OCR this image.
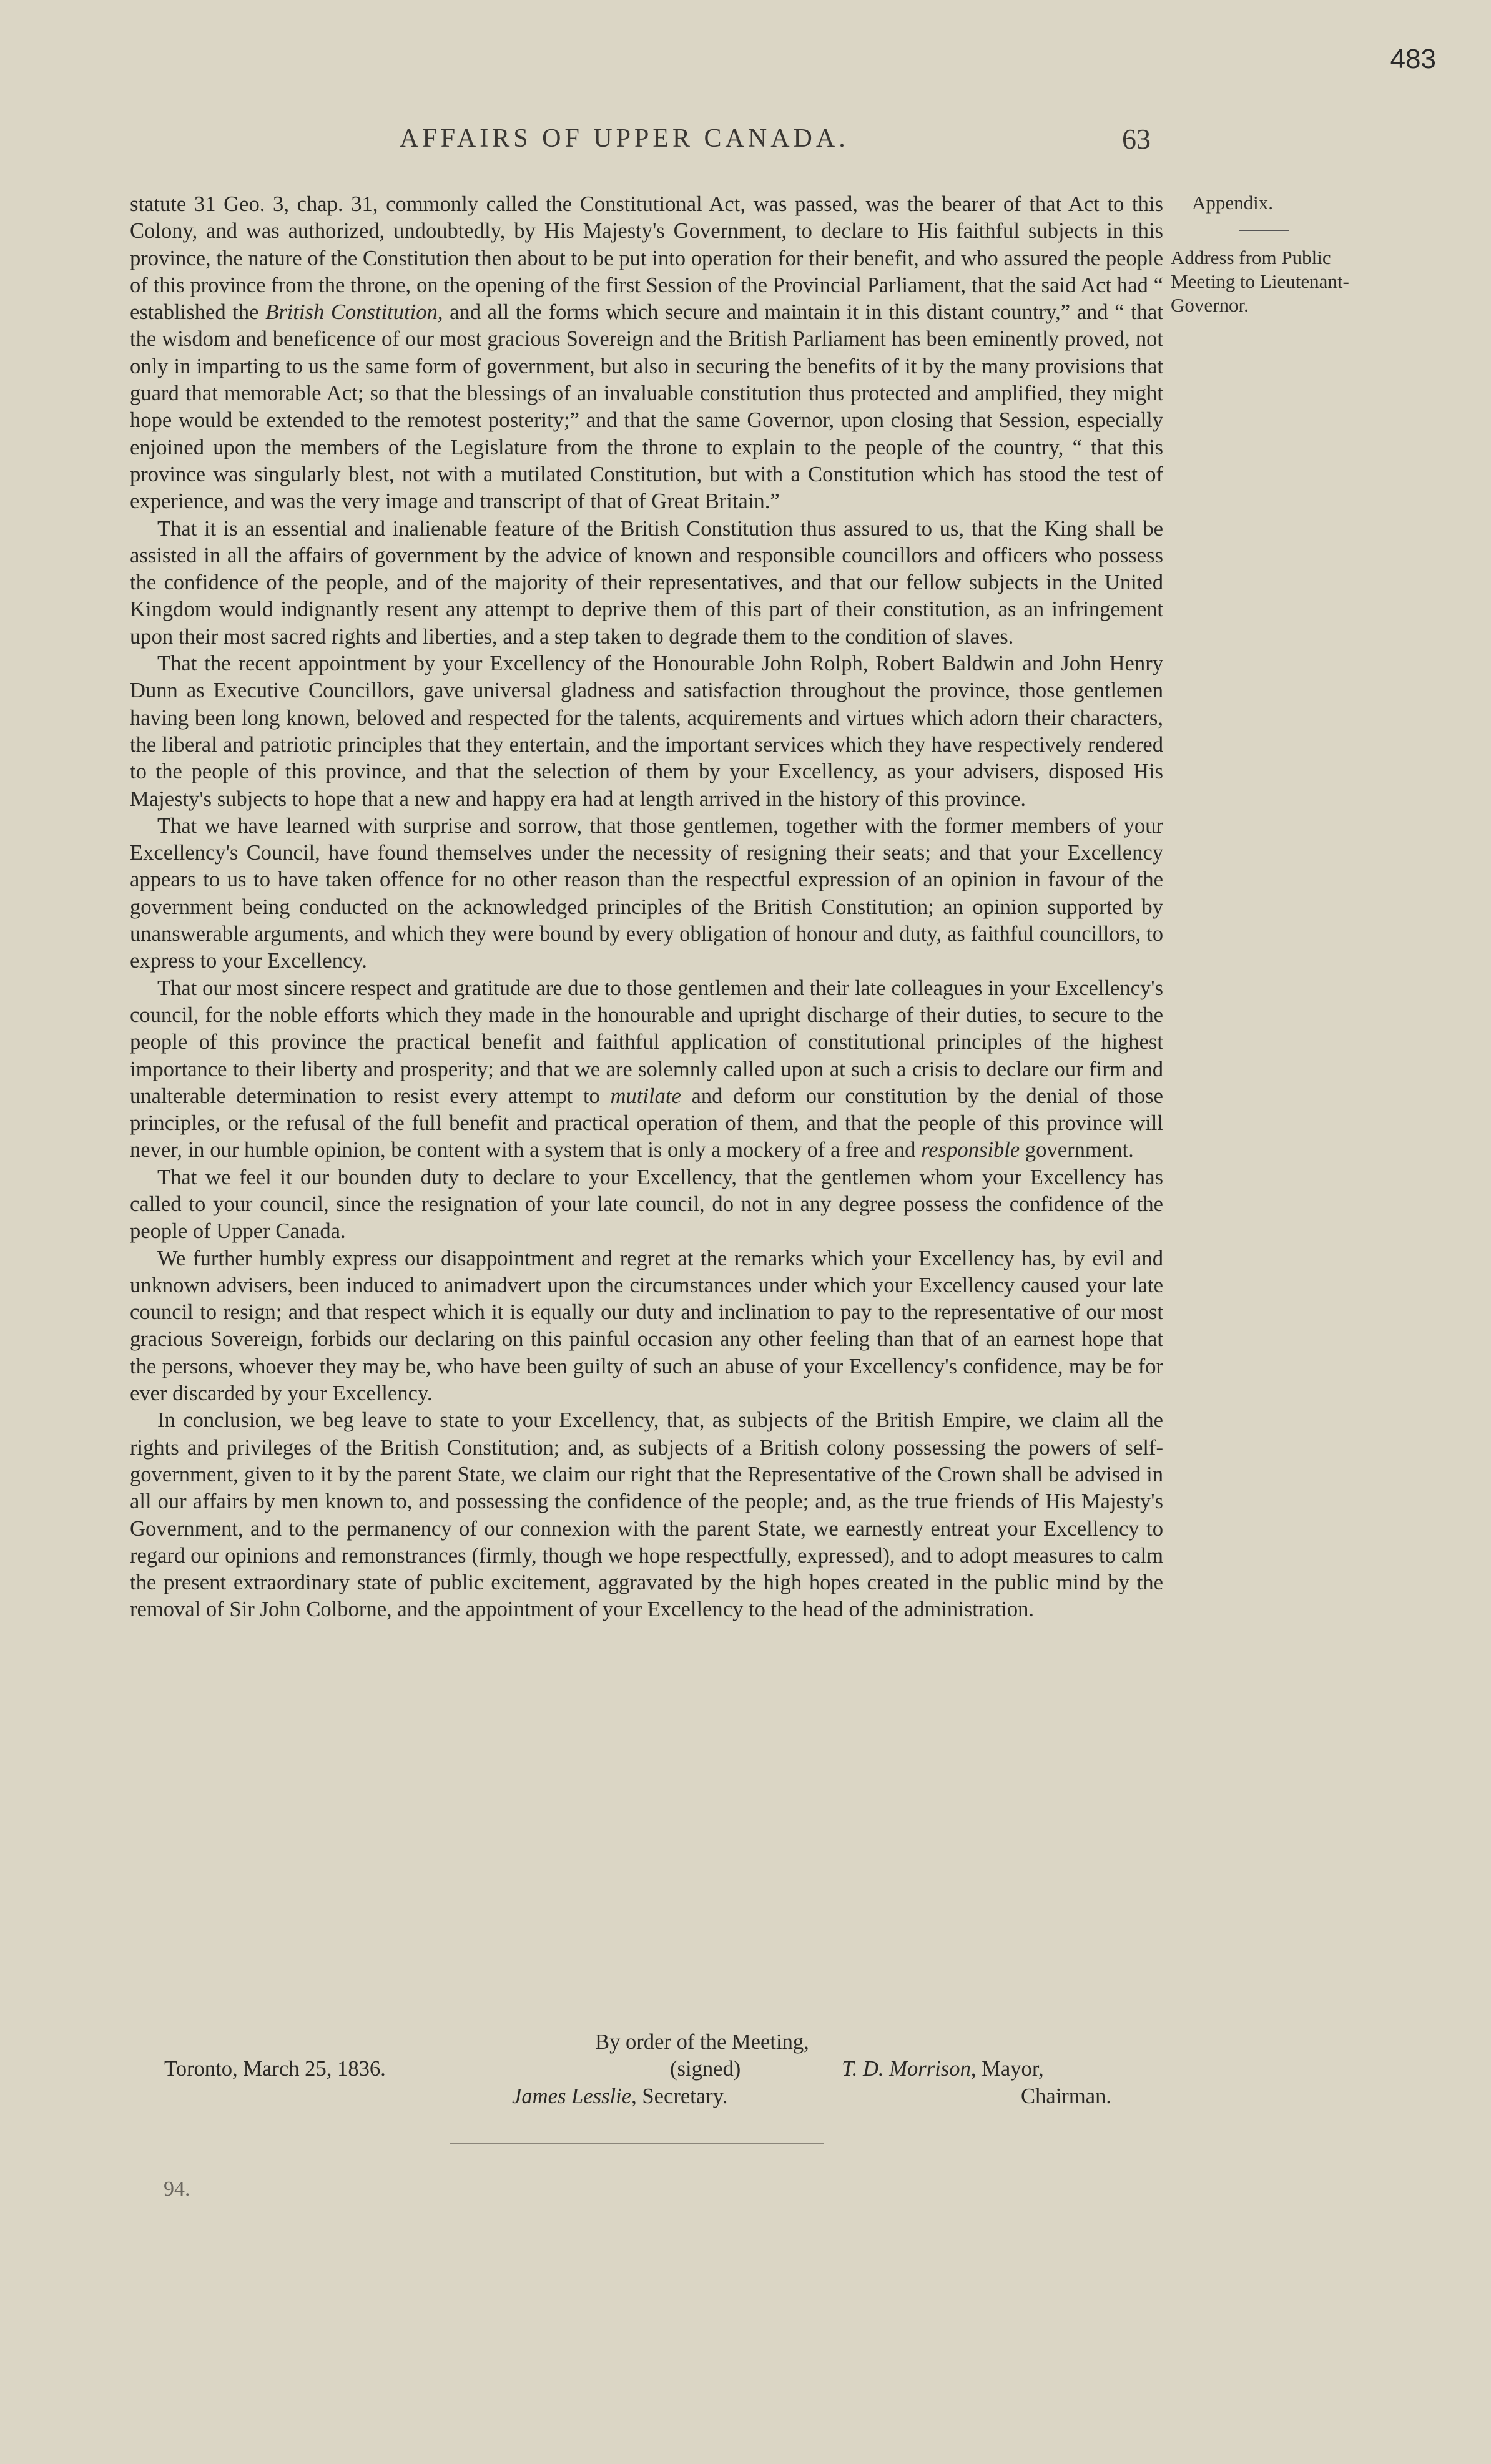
483
AFFAIRS OF UPPER CANADA.	63
Appendix.
Address from Public Meeting to Lieutenant-Governor.

statute 31 Geo. 3, chap. 31, commonly called the Constitutional Act, was passed, was the bearer of that Act to this Colony, and was authorized, undoubtedly, by His Majesty's Government, to declare to His faithful subjects in this province, the nature of the Constitution then about to be put into operation for their benefit, and who assured the people of this province from the throne, on the opening of the first Session of the Provincial Parliament, that the said Act had “ established the British Constitution, and all the forms which secure and maintain it in this distant country,” and “ that the wisdom and beneficence of our most gracious Sovereign and the British Parliament has been eminently proved, not only in imparting to us the same form of government, but also in securing the benefits of it by the many provisions that guard that memorable Act; so that the blessings of an invaluable constitution thus protected and amplified, they might hope would be extended to the remotest posterity;” and that the same Governor, upon closing that Session, especially enjoined upon the members of the Legislature from the throne to explain to the people of the country, “ that this province was singularly blest, not with a mutilated Constitution, but with a Constitution which has stood the test of experience, and was the very image and transcript of that of Great Britain.”

That it is an essential and inalienable feature of the British Constitution thus assured to us, that the King shall be assisted in all the affairs of government by the advice of known and responsible councillors and officers who possess the confidence of the people, and of the majority of their representatives, and that our fellow subjects in the United Kingdom would indignantly resent any attempt to deprive them of this part of their constitution, as an infringement upon their most sacred rights and liberties, and a step taken to degrade them to the condition of slaves.

That the recent appointment by your Excellency of the Honourable John Rolph, Robert Baldwin and John Henry Dunn as Executive Councillors, gave universal gladness and satisfaction throughout the province, those gentlemen having been long known, beloved and respected for the talents, acquirements and virtues which adorn their characters, the liberal and patriotic principles that they entertain, and the important services which they have respectively rendered to the people of this province, and that the selection of them by your Excellency, as your advisers, disposed His Majesty's subjects to hope that a new and happy era had at length arrived in the history of this province.

That we have learned with surprise and sorrow, that those gentlemen, together with the former members of your Excellency's Council, have found themselves under the necessity of resigning their seats; and that your Excellency appears to us to have taken offence for no other reason than the respectful expression of an opinion in favour of the government being conducted on the acknowledged principles of the British Constitution; an opinion supported by unanswerable arguments, and which they were bound by every obligation of honour and duty, as faithful councillors, to express to your Excellency.

That our most sincere respect and gratitude are due to those gentlemen and their late colleagues in your Excellency's council, for the noble efforts which they made in the honourable and upright discharge of their duties, to secure to the people of this province the practical benefit and faithful application of constitutional principles of the highest importance to their liberty and prosperity; and that we are solemnly called upon at such a crisis to declare our firm and unalterable determination to resist every attempt to mutilate and deform our constitution by the denial of those principles, or the refusal of the full benefit and practical operation of them, and that the people of this province will never, in our humble opinion, be content with a system that is only a mockery of a free and responsible government.

That we feel it our bounden duty to declare to your Excellency, that the gentlemen whom your Excellency has called to your council, since the resignation of your late council, do not in any degree possess the confidence of the people of Upper Canada.

We further humbly express our disappointment and regret at the remarks which your Excellency has, by evil and unknown advisers, been induced to animadvert upon the circumstances under which your Excellency caused your late council to resign; and that respect which it is equally our duty and inclination to pay to the representative of our most gracious Sovereign, forbids our declaring on this painful occasion any other feeling than that of an earnest hope that the persons, whoever they may be, who have been guilty of such an abuse of your Excellency's confidence, may be for ever discarded by your Excellency.

In conclusion, we beg leave to state to your Excellency, that, as subjects of the British Empire, we claim all the rights and privileges of the British Constitution; and, as subjects of a British colony possessing the powers of self-government, given to it by the parent State, we claim our right that the Representative of the Crown shall be advised in all our affairs by men known to, and possessing the confidence of the people; and, as the true friends of His Majesty's Government, and to the permanency of our connexion with the parent State, we earnestly entreat your Excellency to regard our opinions and remonstrances (firmly, though we hope respectfully, expressed), and to adopt measures to calm the present extraordinary state of public excitement, aggravated by the high hopes created in the public mind by the removal of Sir John Colborne, and the appointment of your Excellency to the head of the administration.

By order of the Meeting,
Toronto, March 25, 1836.	(signed)	T. D. Morrison, Mayor,
James Lesslie, Secretary.	Chairman.
94.
